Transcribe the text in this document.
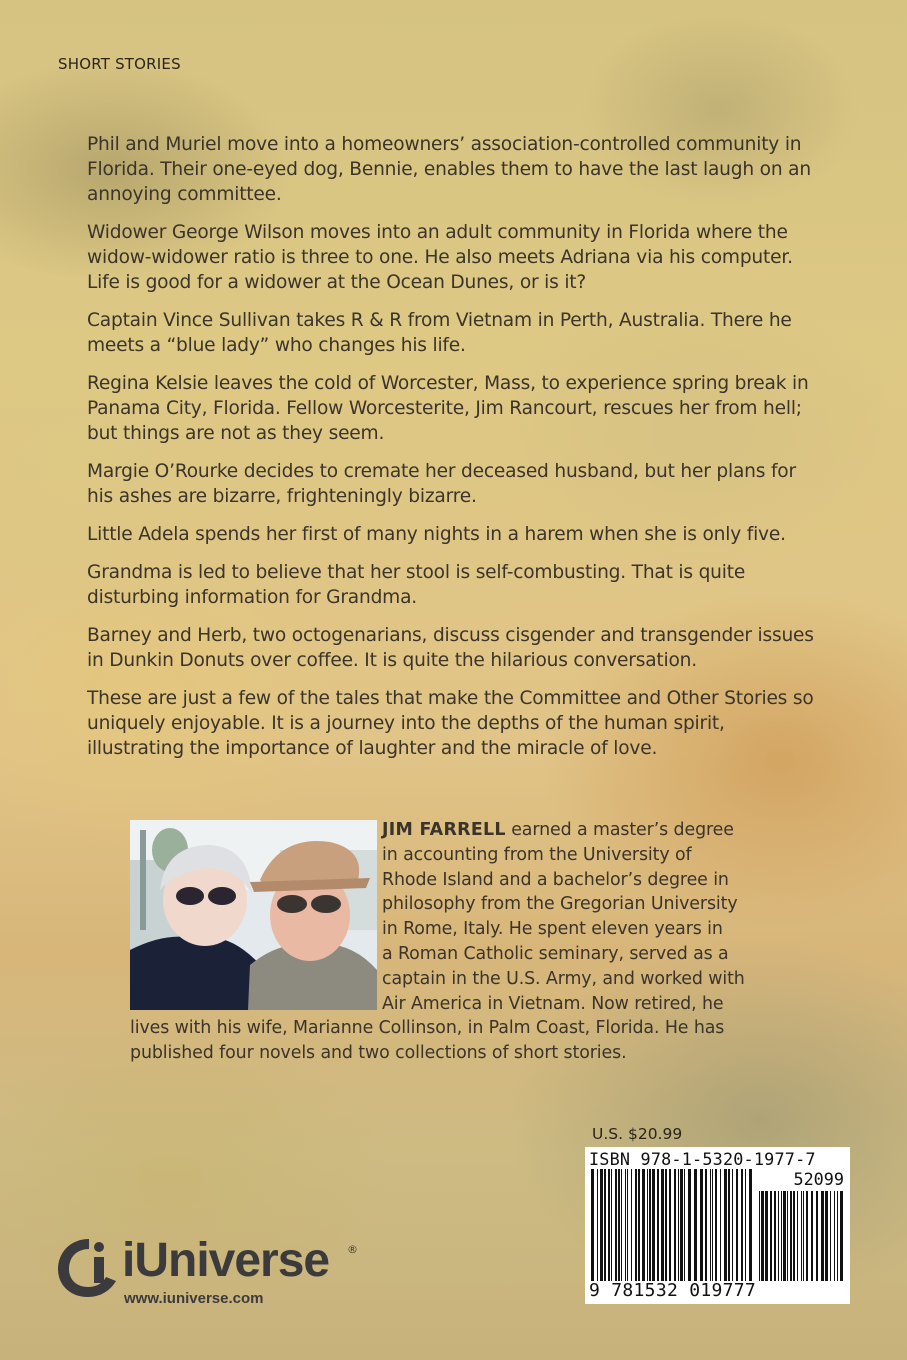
SHORT STORIES

Phil and Muriel move into a homeowners’ association-controlled community in Florida. Their one-eyed dog, Bennie, enables them to have the last laugh on an annoying committee.

Widower George Wilson moves into an adult community in Florida where the widow-widower ratio is three to one. He also meets Adriana via his computer. Life is good for a widower at the Ocean Dunes, or is it?

Captain Vince Sullivan takes R & R from Vietnam in Perth, Australia. There he meets a “blue lady” who changes his life.

Regina Kelsie leaves the cold of Worcester, Mass, to experience spring break in Panama City, Florida. Fellow Worcesterite, Jim Rancourt, rescues her from hell; but things are not as they seem.

Margie O’Rourke decides to cremate her deceased husband, but her plans for his ashes are bizarre, frighteningly bizarre.

Little Adela spends her first of many nights in a harem when she is only five.

Grandma is led to believe that her stool is self-combusting. That is quite disturbing information for Grandma.

Barney and Herb, two octogenarians, discuss cisgender and transgender issues in Dunkin Donuts over coffee. It is quite the hilarious conversation.

These are just a few of the tales that make the Committee and Other Stories so uniquely enjoyable. It is a journey into the depths of the human spirit, illustrating the importance of laughter and the miracle of love.

JIM FARRELL earned a master’s degree
in accounting from the University of
Rhode Island and a bachelor’s degree in
philosophy from the Gregorian University
in Rome, Italy. He spent eleven years in
a Roman Catholic seminary, served as a
captain in the U.S. Army, and worked with
Air America in Vietnam. Now retired, he
lives with his wife, Marianne Collinson, in Palm Coast, Florida. He has
published four novels and two collections of short stories.
U.S. $20.99
ISBN 978-1-5320-1977-7
52099
9 781532 019777
iUniverse ®
www.iuniverse.com
